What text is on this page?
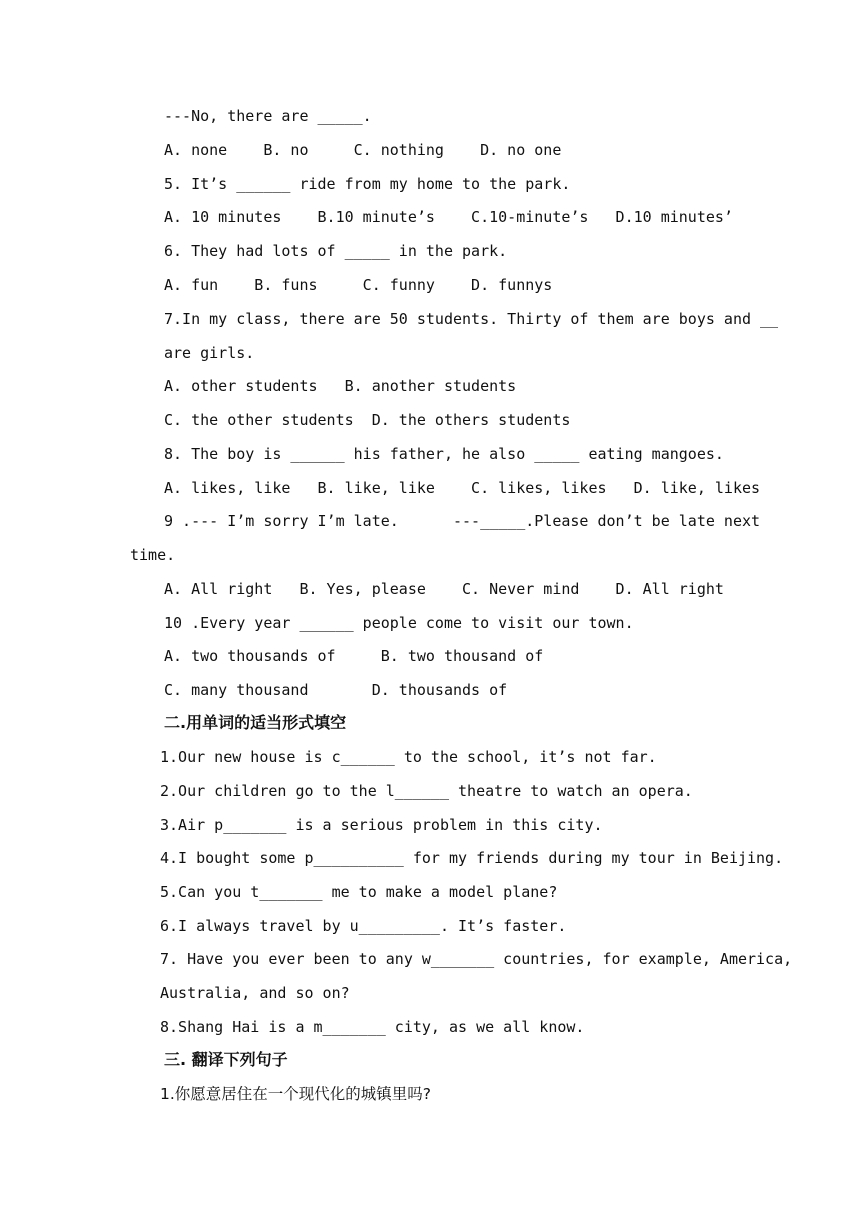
---No, there are _____.
A. none    B. no     C. nothing    D. no one
5. It’s ______ ride from my home to the park.
A. 10 minutes    B.10 minute’s    C.10-minute’s   D.10 minutes’
6. They had lots of _____ in the park.
A. fun    B. funs     C. funny    D. funnys
7.In my class, there are 50 students. Thirty of them are boys and __
are girls.
A. other students   B. another students
C. the other students  D. the others students
8. The boy is ______ his father, he also _____ eating mangoes.
A. likes, like   B. like, like    C. likes, likes   D. like, likes
9 .--- I’m sorry I’m late.      ---_____.Please don’t be late next
time.
A. All right   B. Yes, please    C. Never mind    D. All right
10 .Every year ______ people come to visit our town.
A. two thousands of     B. two thousand of
C. many thousand       D. thousands of
二.用单词的适当形式填空
1.Our new house is c______ to the school, it’s not far.
2.Our children go to the l______ theatre to watch an opera.
3.Air p_______ is a serious problem in this city.
4.I bought some p__________ for my friends during my tour in Beijing.
5.Can you t_______ me to make a model plane?
6.I always travel by u_________. It’s faster.
7. Have you ever been to any w_______ countries, for example, America,
Australia, and so on?
8.Shang Hai is a m_______ city, as we all know.
三. 翻译下列句子
1.你愿意居住在一个现代化的城镇里吗?
